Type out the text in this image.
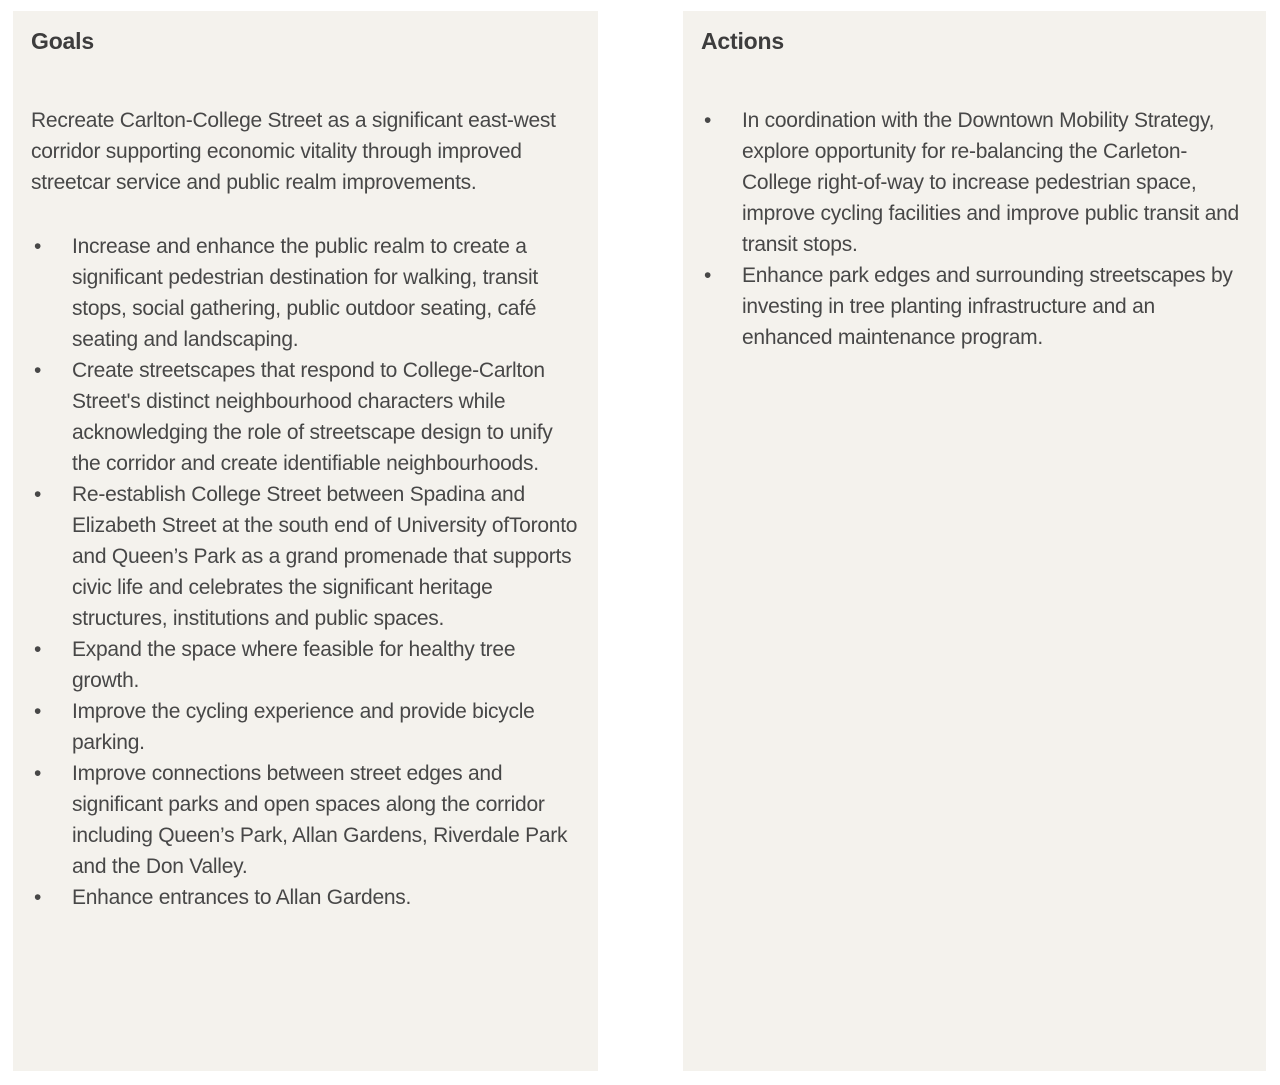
Goals

Recreate Carlton-College Street as a significant east-west corridor supporting economic vitality through improved streetcar service and public realm improvements.

•	Increase and enhance the public realm to create a significant pedestrian destination for walking, transit stops, social gathering, public outdoor seating, café seating and landscaping.
•	Create streetscapes that respond to College-Carlton Street's distinct neighbourhood characters while acknowledging the role of streetscape design to unify the corridor and create identifiable neighbourhoods.
•	Re-establish College Street between Spadina and Elizabeth Street at the south end of University ofToronto and Queen’s Park as a grand promenade that supports civic life and celebrates the significant heritage structures, institutions and public spaces.
•	Expand the space where feasible for healthy tree growth.
•	Improve the cycling experience and provide bicycle parking.
•	Improve connections between street edges and significant parks and open spaces along the corridor including Queen’s Park, Allan Gardens, Riverdale Park and the Don Valley.
•	Enhance entrances to Allan Gardens.
Actions
•	In coordination with the Downtown Mobility Strategy, explore opportunity for re-balancing the Carleton-College right-of-way to increase pedestrian space, improve cycling facilities and improve public transit and transit stops.
•	Enhance park edges and surrounding streetscapes by investing in tree planting infrastructure and an enhanced maintenance program.
